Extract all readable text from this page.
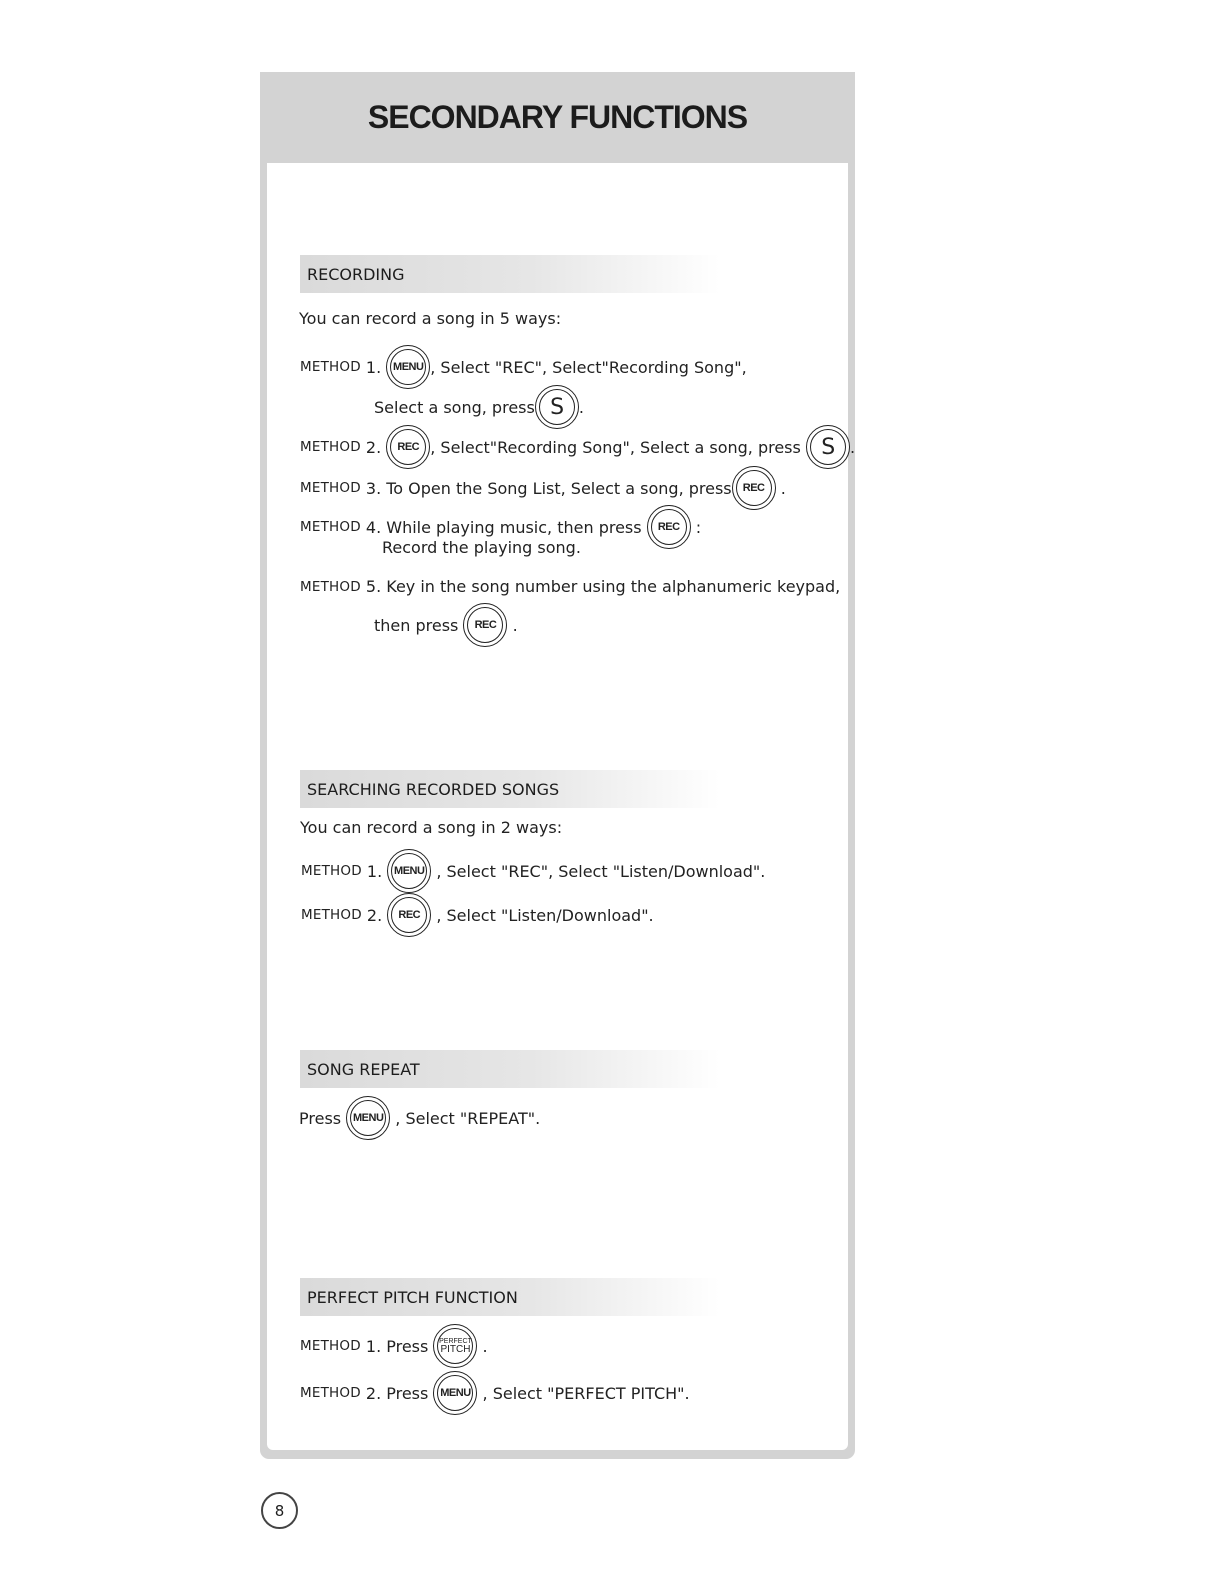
SECONDARY FUNCTIONS
RECORDING
You can record a song in 5 ways:
METHOD
1.
MENU , Select "REC", Select"Recording Song",
Select a song, press S .
METHOD
2.
REC , Select"Recording Song", Select a song, press
S .
METHOD
3. To Open the Song List, Select a song, press REC
.
METHOD
4. While playing music, then press
REC
:
Record the playing song.
METHOD
5. Key in the song number using the alphanumeric keypad,
then press
REC
.
SEARCHING RECORDED SONGS
You can record a song in 2 ways:
METHOD
1.
MENU
, Select "REC", Select "Listen/Download".
METHOD
2.
REC
, Select "Listen/Download".
SONG REPEAT
Press
MENU
, Select "REPEAT".
PERFECT PITCH FUNCTION
METHOD
1. Press
PERFECT
PITCH
.
METHOD
2. Press
MENU
, Select "PERFECT PITCH".
8
